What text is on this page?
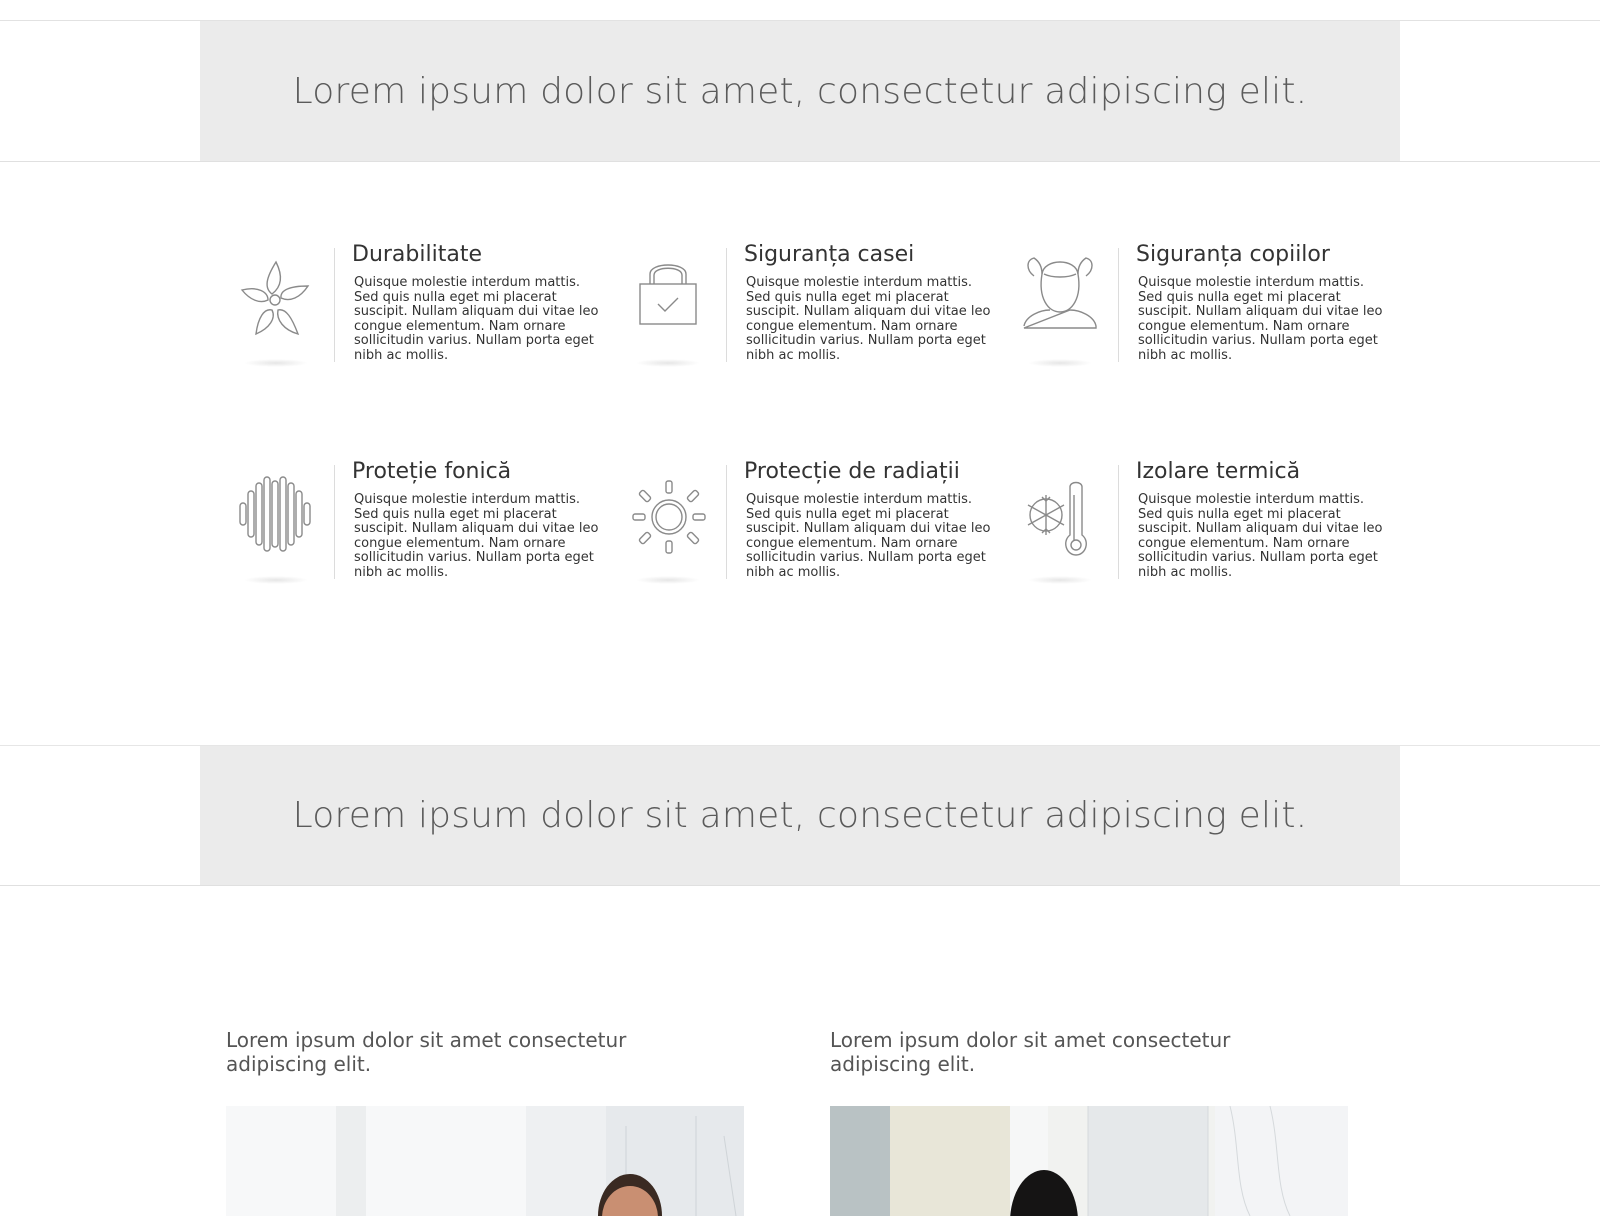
Lorem ipsum dolor sit amet, consectetur adipiscing elit.
Durabilitate
Quisque molestie interdum mattis. Sed quis nulla eget mi placerat suscipit. Nullam aliquam dui vitae leo congue elementum. Nam ornare sollicitudin varius. Nullam porta eget nibh ac mollis.
Siguranța casei
Quisque molestie interdum mattis. Sed quis nulla eget mi placerat suscipit. Nullam aliquam dui vitae leo congue elementum. Nam ornare sollicitudin varius. Nullam porta eget nibh ac mollis.
Siguranța copiilor
Quisque molestie interdum mattis. Sed quis nulla eget mi placerat suscipit. Nullam aliquam dui vitae leo congue elementum. Nam ornare sollicitudin varius. Nullam porta eget nibh ac mollis.
Proteție fonică
Quisque molestie interdum mattis. Sed quis nulla eget mi placerat suscipit. Nullam aliquam dui vitae leo congue elementum. Nam ornare sollicitudin varius. Nullam porta eget nibh ac mollis.
Protecție de radiații
Quisque molestie interdum mattis. Sed quis nulla eget mi placerat suscipit. Nullam aliquam dui vitae leo congue elementum. Nam ornare sollicitudin varius. Nullam porta eget nibh ac mollis.
Izolare termică
Quisque molestie interdum mattis. Sed quis nulla eget mi placerat suscipit. Nullam aliquam dui vitae leo congue elementum. Nam ornare sollicitudin varius. Nullam porta eget nibh ac mollis.
Lorem ipsum dolor sit amet, consectetur adipiscing elit.
Lorem ipsum dolor sit amet consectetur adipiscing elit.
Lorem ipsum dolor sit amet consectetur adipiscing elit.
